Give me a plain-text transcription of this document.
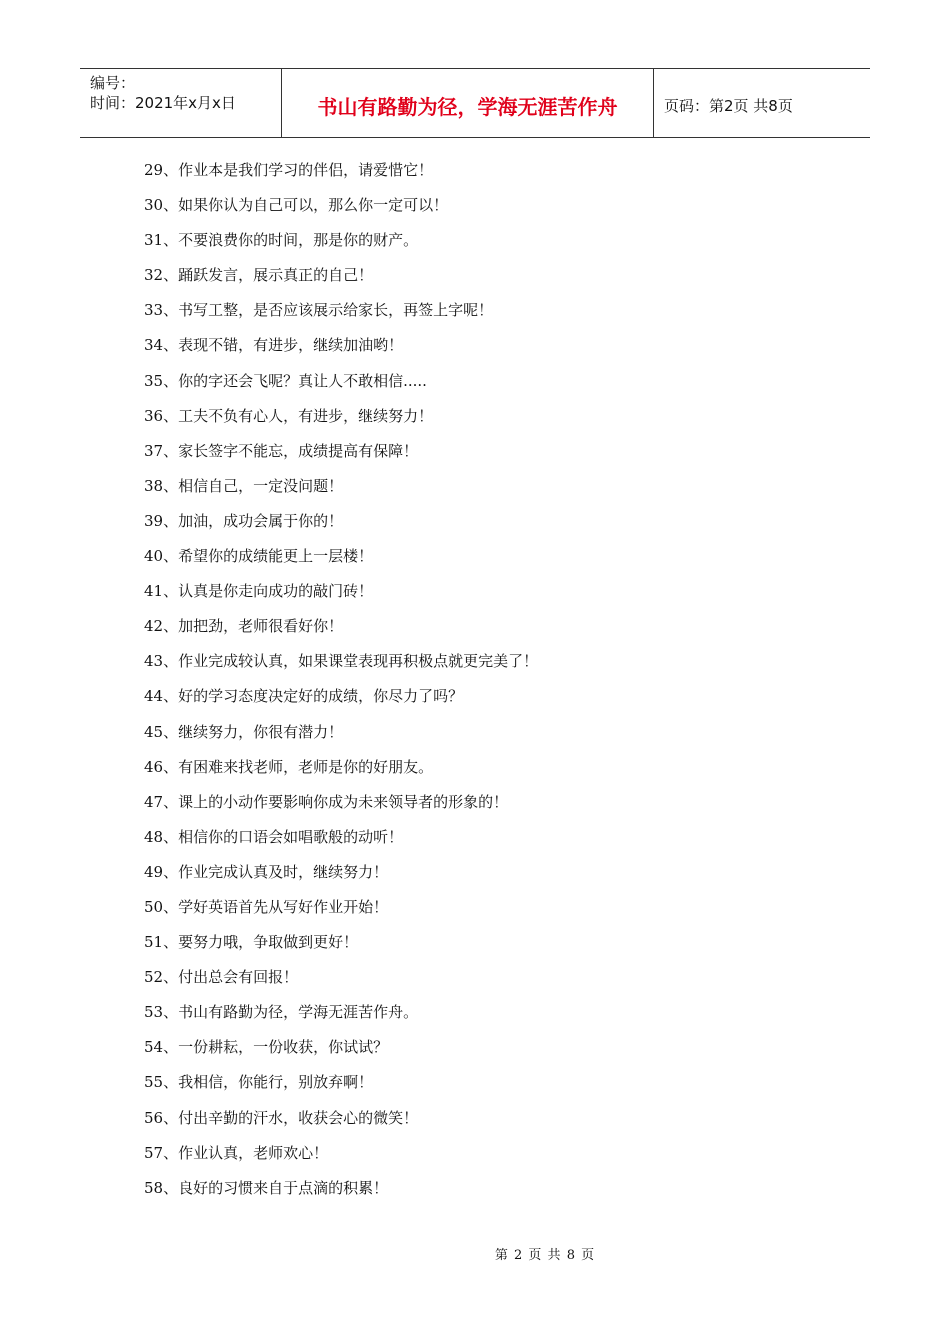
编号：
时间：2021年x月x日	书山有路勤为径，学海无涯苦作舟	页码：第2页 共8页
29、作业本是我们学习的伴侣，请爱惜它！
30、如果你认为自己可以，那么你一定可以！
31、不要浪费你的时间，那是你的财产。
32、踊跃发言，展示真正的自己！
33、书写工整，是否应该展示给家长，再签上字呢！
34、表现不错，有进步，继续加油哟！
35、你的字还会飞呢？真让人不敢相信.....
36、工夫不负有心人，有进步，继续努力！
37、家长签字不能忘，成绩提高有保障！
38、相信自己，一定没问题！
39、加油，成功会属于你的！
40、希望你的成绩能更上一层楼！
41、认真是你走向成功的敲门砖！
42、加把劲，老师很看好你！
43、作业完成较认真，如果课堂表现再积极点就更完美了！
44、好的学习态度决定好的成绩，你尽力了吗？
45、继续努力，你很有潜力！
46、有困难来找老师，老师是你的好朋友。
47、课上的小动作要影响你成为未来领导者的形象的！
48、相信你的口语会如唱歌般的动听！
49、作业完成认真及时，继续努力！
50、学好英语首先从写好作业开始！
51、要努力哦，争取做到更好！
52、付出总会有回报！
53、书山有路勤为径，学海无涯苦作舟。
54、一份耕耘，一份收获，你试试？
55、我相信，你能行，别放弃啊！
56、付出辛勤的汗水，收获会心的微笑！
57、作业认真，老师欢心！
58、良好的习惯来自于点滴的积累！
第 2 页 共 8 页
